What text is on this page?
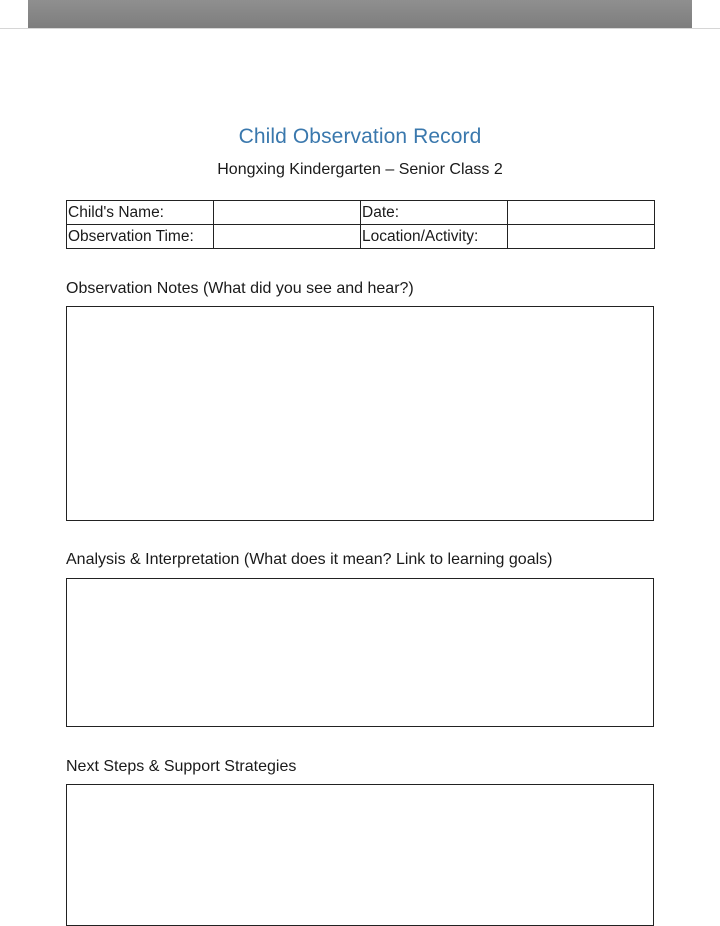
Child Observation Record
Hongxing Kindergarten – Senior Class 2
Child's Name:		Date:	
Observation Time:		Location/Activity:	
Observation Notes (What did you see and hear?)
Analysis & Interpretation (What does it mean? Link to learning goals)
Next Steps & Support Strategies
